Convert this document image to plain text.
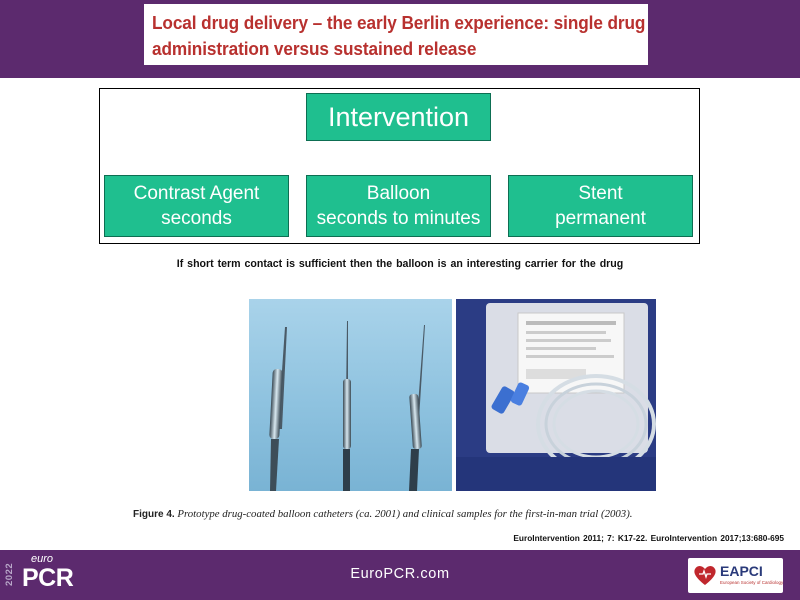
Local drug delivery – the early Berlin experience: single drug
administration versus sustained release
Intervention
Contrast Agent
seconds
Balloon
seconds to minutes
Stent
permanent
If short term contact is sufficient then the balloon is an interesting carrier for the drug
Figure 4. Prototype drug-coated balloon catheters (ca. 2001) and clinical samples for the first-in-man trial (2003).
EuroIntervention 2011; 7: K17-22. EuroIntervention 2017;13:680-695
2022
euro
PCR	EuroPCR.com	EAPCI
European Society of Cardiology
